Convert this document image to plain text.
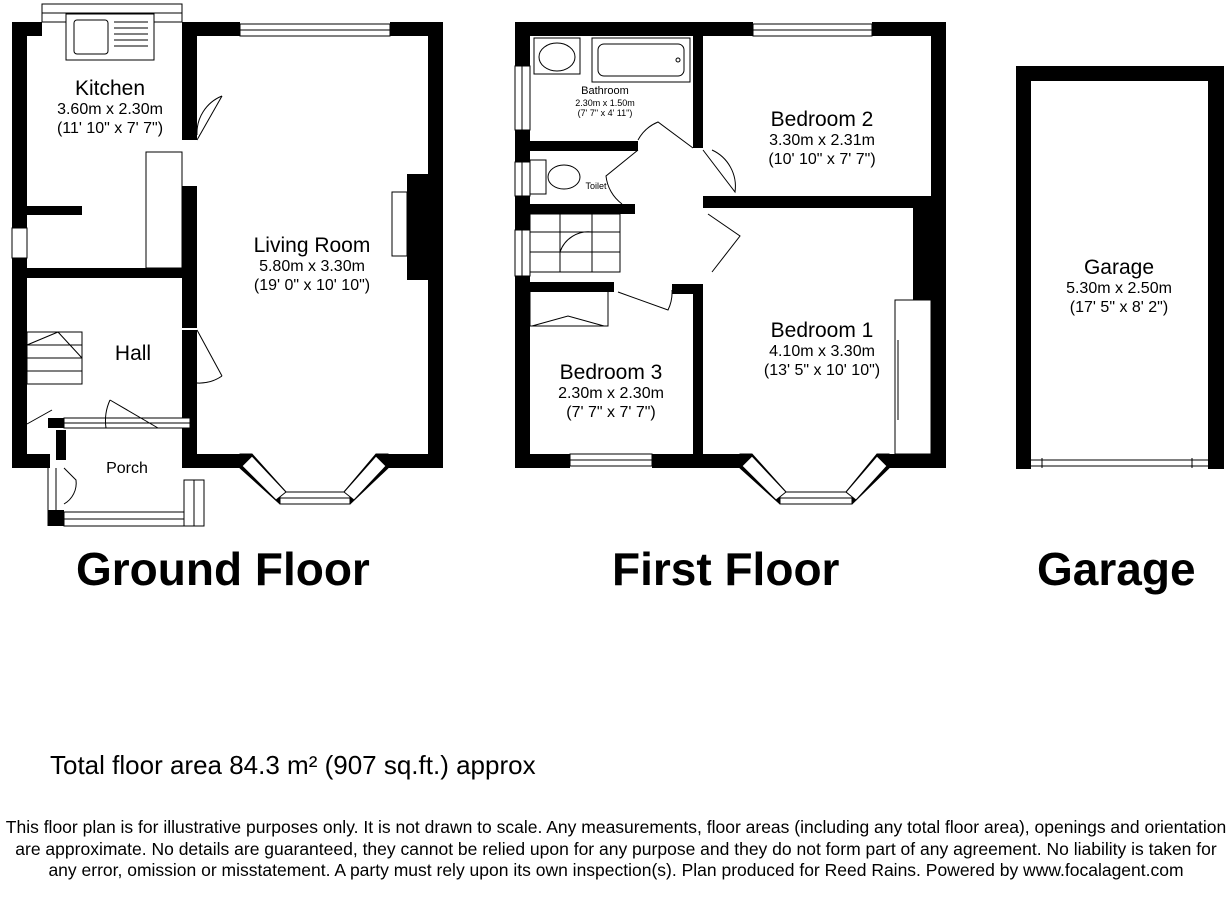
Kitchen
3.60m x 2.30m
(11' 10" x 7' 7")
Living Room
5.80m x 3.30m
(19' 0" x 10' 10")
Hall
Porch
Bathroom
2.30m x 1.50m
(7' 7" x 4' 11")
Toilet
Bedroom 2
3.30m x 2.31m
(10' 10" x 7' 7")
Bedroom 1
4.10m x 3.30m
(13' 5" x 10' 10")
Bedroom 3
2.30m x 2.30m
(7' 7" x 7' 7")
Garage
5.30m x 2.50m
(17' 5" x 8' 2")
Ground Floor	First Floor	Garage
Total floor area 84.3 m² (907 sq.ft.) approx
This floor plan is for illustrative purposes only. It is not drawn to scale. Any measurements, floor areas (including any total floor area), openings and orientation are approximate. No details are guaranteed, they cannot be relied upon for any purpose and they do not form part of any agreement. No liability is taken for any error, omission or misstatement. A party must rely upon its own inspection(s). Plan produced for Reed Rains. Powered by www.focalagent.com
